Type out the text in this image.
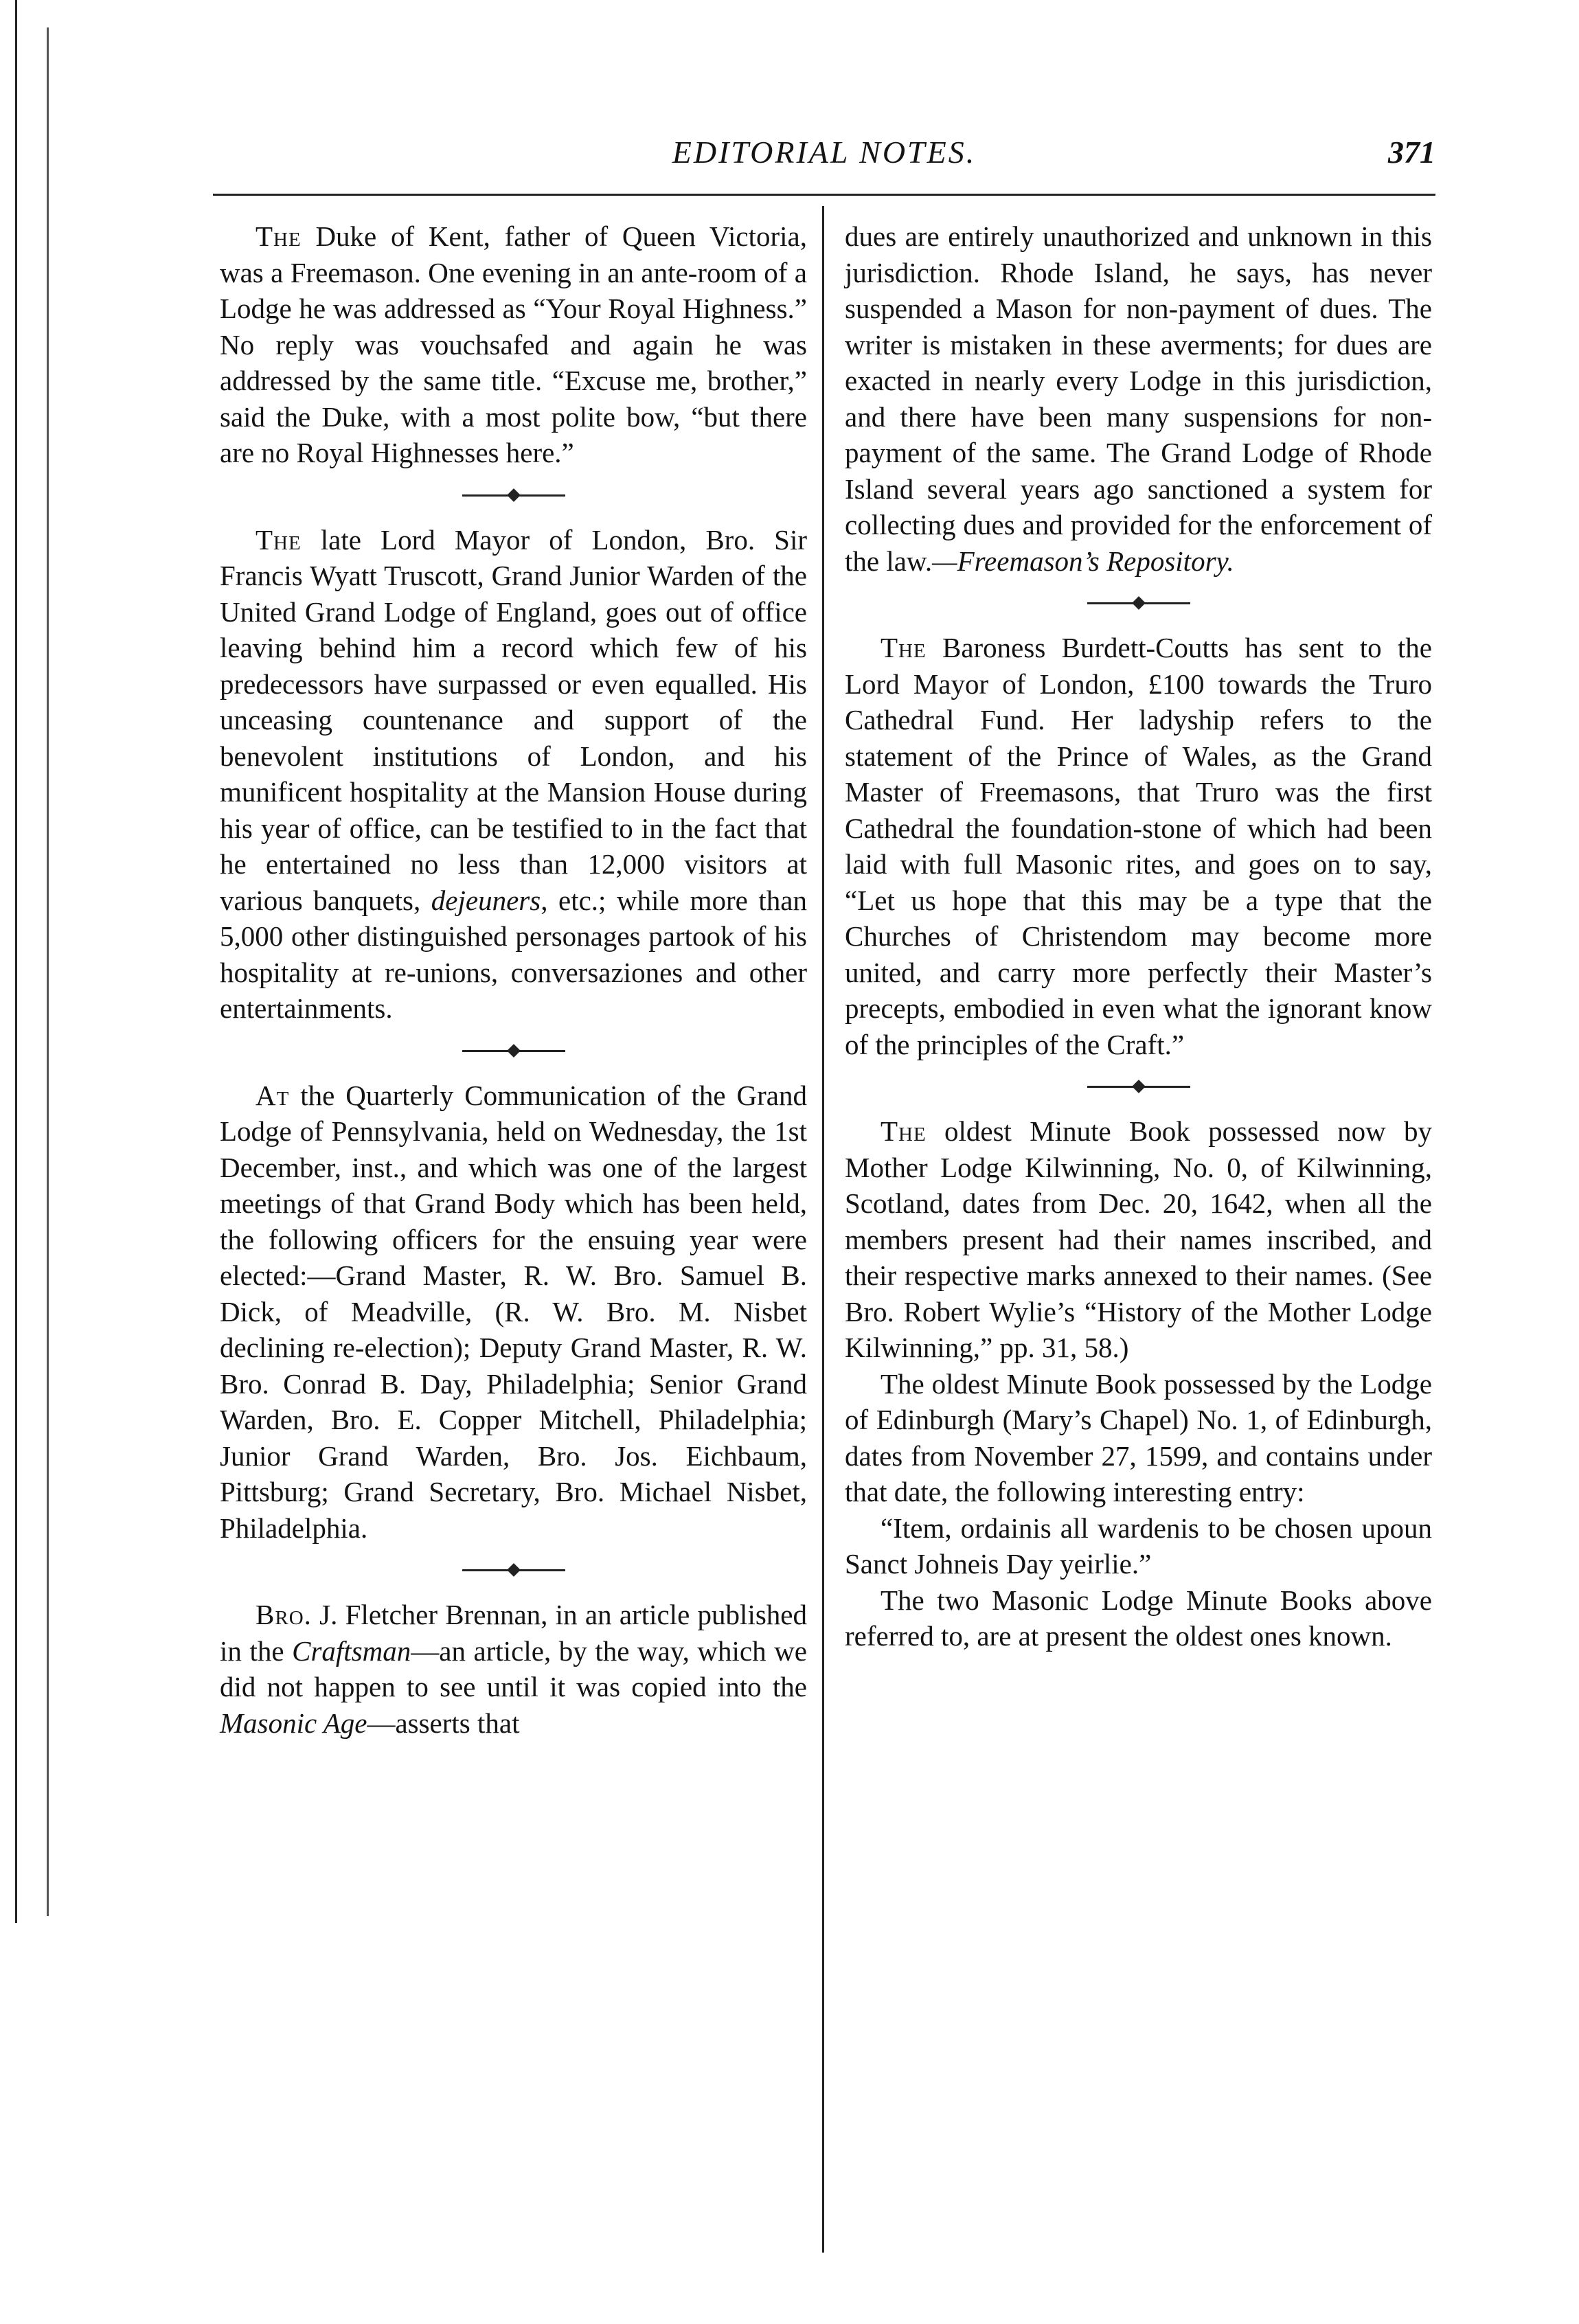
EDITORIAL NOTES.	371

The Duke of Kent, father of Queen Victoria, was a Freemason. One evening in an ante-room of a Lodge he was addressed as “Your Royal Highness.” No reply was vouchsafed and again he was addressed by the same title. “Excuse me, brother,” said the Duke, with a most polite bow, “but there are no Royal Highnesses here.”

The late Lord Mayor of London, Bro. Sir Francis Wyatt Truscott, Grand Junior Warden of the United Grand Lodge of England, goes out of office leaving behind him a record which few of his predecessors have surpassed or even equalled. His unceasing countenance and support of the benevolent institutions of London, and his munificent hospitality at the Mansion House during his year of office, can be testified to in the fact that he entertained no less than 12,000 visitors at various banquets, dejeuners, etc.; while more than 5,000 other distinguished personages partook of his hospitality at re-unions, conversaziones and other entertainments.

At the Quarterly Communication of the Grand Lodge of Pennsylvania, held on Wednesday, the 1st December, inst., and which was one of the largest meetings of that Grand Body which has been held, the following officers for the ensuing year were elected:—Grand Master, R. W. Bro. Samuel B. Dick, of Meadville, (R. W. Bro. M. Nisbet declining re-election); Deputy Grand Master, R. W. Bro. Conrad B. Day, Philadelphia; Senior Grand Warden, Bro. E. Copper Mitchell, Philadelphia; Junior Grand Warden, Bro. Jos. Eichbaum, Pittsburg; Grand Secretary, Bro. Michael Nisbet, Philadelphia.

Bro. J. Fletcher Brennan, in an article published in the Craftsman—an article, by the way, which we did not happen to see until it was copied into the Masonic Age—asserts that

dues are entirely unauthorized and unknown in this jurisdiction. Rhode Island, he says, has never suspended a Mason for non-payment of dues. The writer is mistaken in these averments; for dues are exacted in nearly every Lodge in this jurisdiction, and there have been many suspensions for non-payment of the same. The Grand Lodge of Rhode Island several years ago sanctioned a system for collecting dues and provided for the enforcement of the law.—Freemason’s Repository.

The Baroness Burdett-Coutts has sent to the Lord Mayor of London, £100 towards the Truro Cathedral Fund. Her ladyship refers to the statement of the Prince of Wales, as the Grand Master of Freemasons, that Truro was the first Cathedral the foundation-stone of which had been laid with full Masonic rites, and goes on to say, “Let us hope that this may be a type that the Churches of Christendom may become more united, and carry more perfectly their Master’s precepts, embodied in even what the ignorant know of the principles of the Craft.”

The oldest Minute Book possessed now by Mother Lodge Kilwinning, No. 0, of Kilwinning, Scotland, dates from Dec. 20, 1642, when all the members present had their names inscribed, and their respective marks annexed to their names. (See Bro. Robert Wylie’s “History of the Mother Lodge Kilwinning,” pp. 31, 58.)

The oldest Minute Book possessed by the Lodge of Edinburgh (Mary’s Chapel) No. 1, of Edinburgh, dates from November 27, 1599, and contains under that date, the following interesting entry:

“Item, ordainis all wardenis to be chosen upoun Sanct Johneis Day yeirlie.”

The two Masonic Lodge Minute Books above referred to, are at present the oldest ones known.
